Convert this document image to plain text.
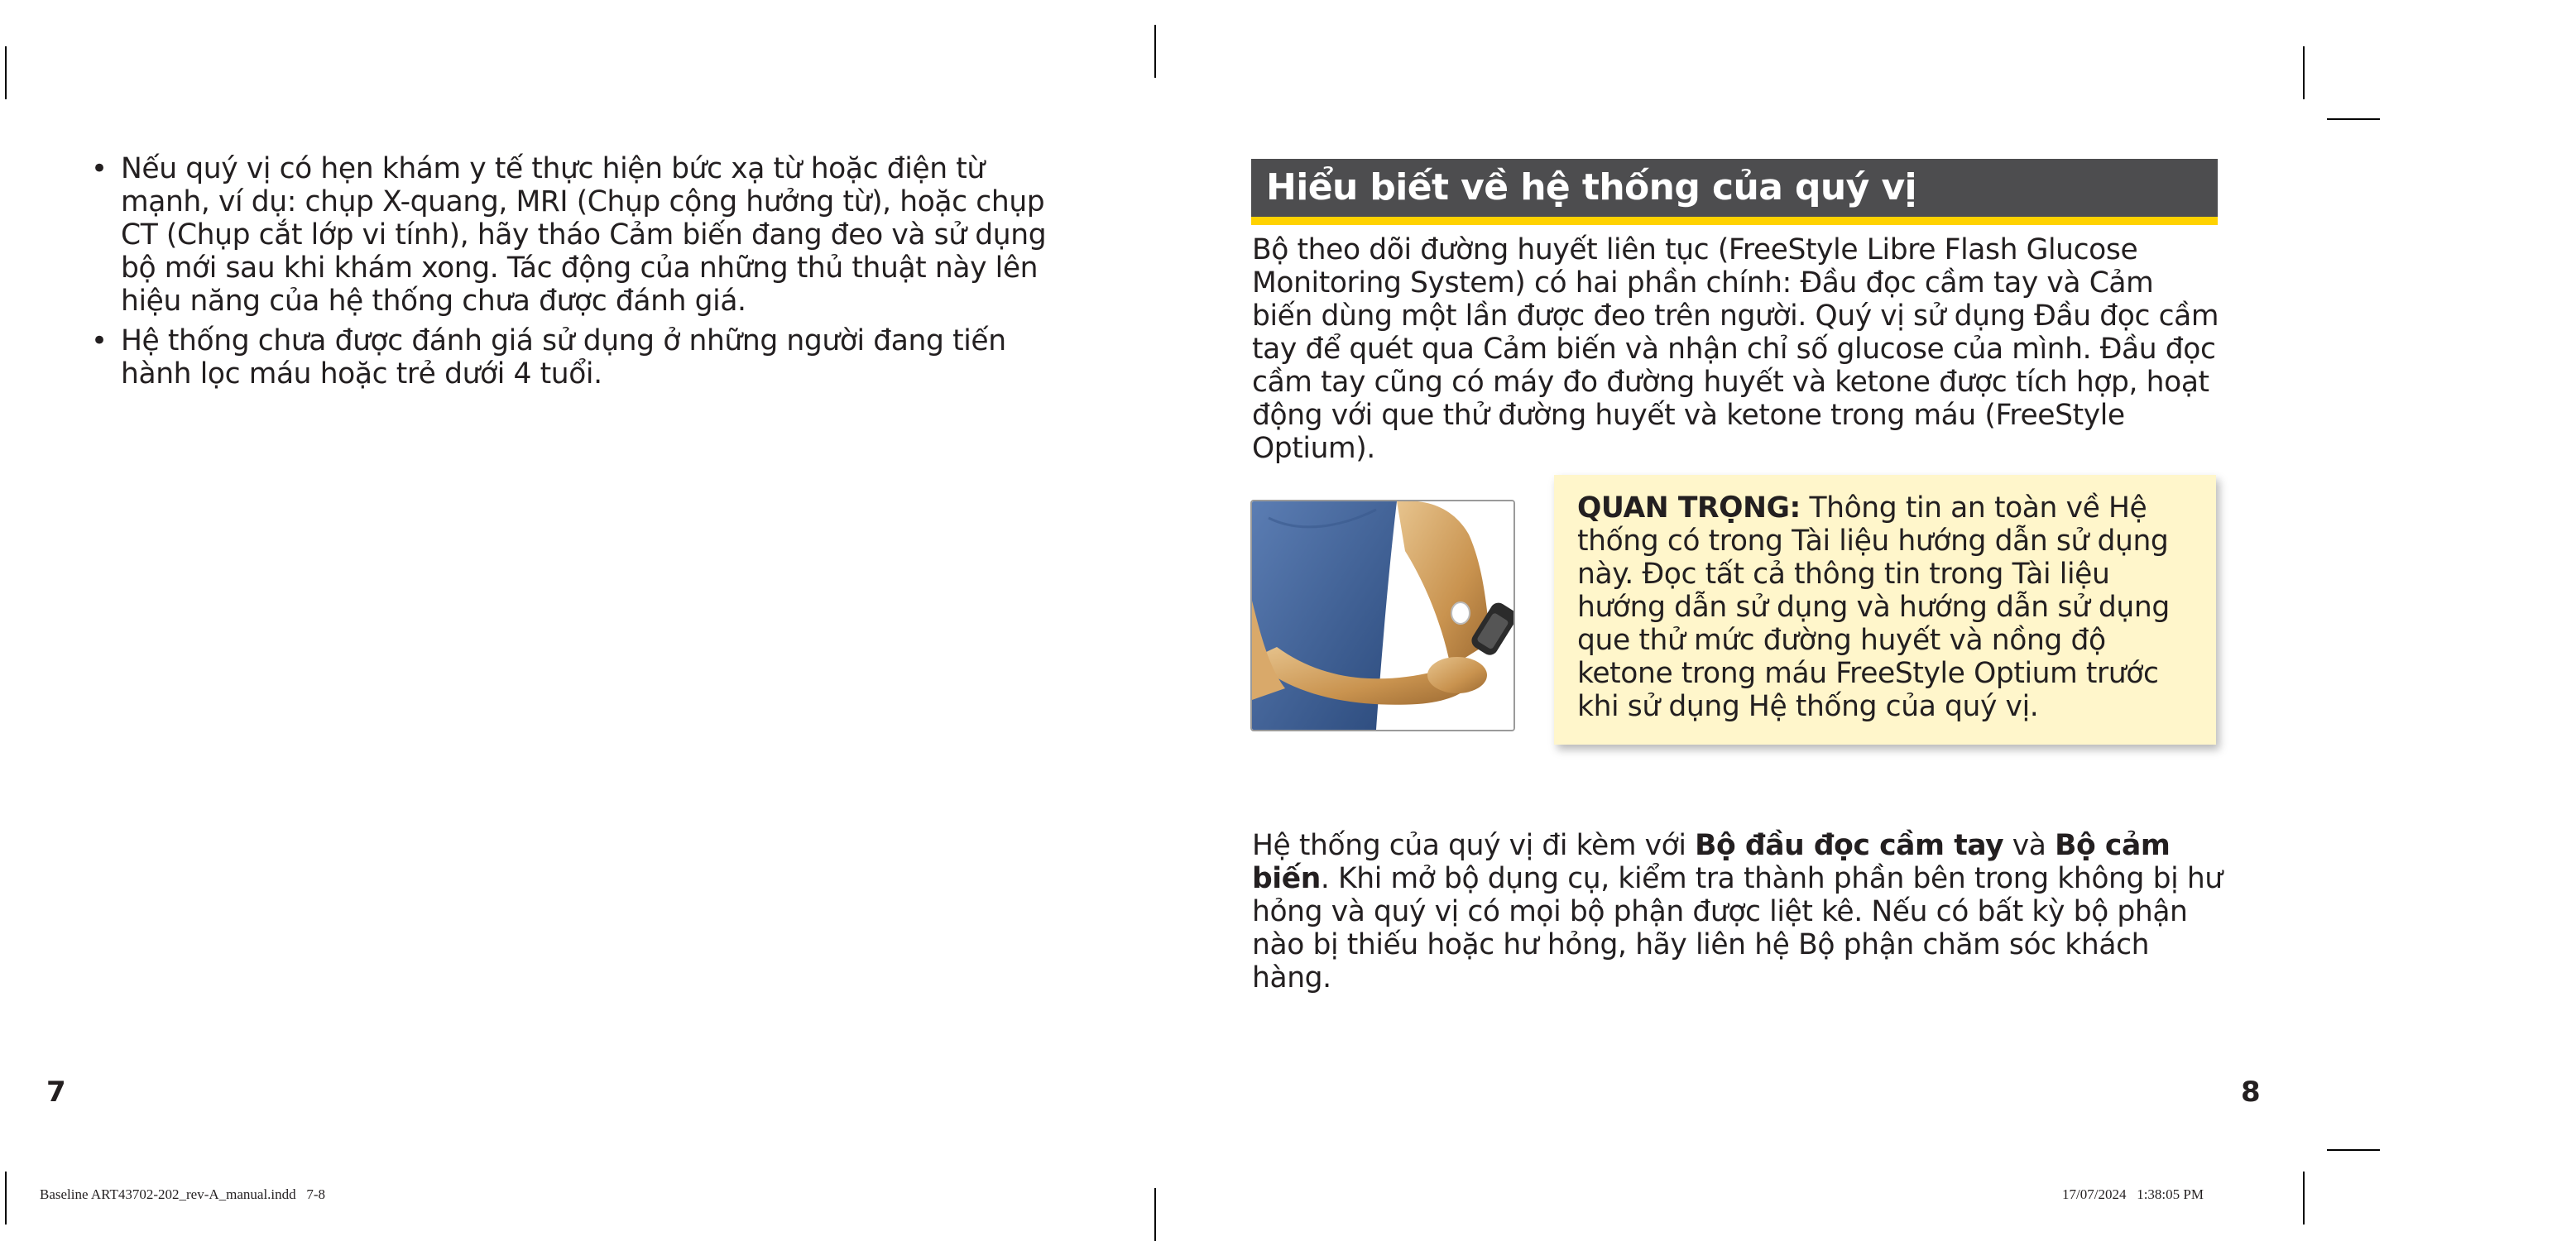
• Nếu quý vị có hẹn khám y tế thực hiện bức xạ từ hoặc điện từ mạnh, ví dụ: chụp X-quang, MRI (Chụp cộng hưởng từ), hoặc chụp CT (Chụp cắt lớp vi tính), hãy tháo Cảm biến đang đeo và sử dụng bộ mới sau khi khám xong. Tác động của những thủ thuật này lên hiệu năng của hệ thống chưa được đánh giá.
• Hệ thống chưa được đánh giá sử dụng ở những người đang tiến hành lọc máu hoặc trẻ dưới 4 tuổi.
7
Hiểu biết về hệ thống của quý vị

Bộ theo dõi đường huyết liên tục (FreeStyle Libre Flash Glucose Monitoring System) có hai phần chính: Đầu đọc cầm tay và Cảm biến dùng một lần được đeo trên người. Quý vị sử dụng Đầu đọc cầm tay để quét qua Cảm biến và nhận chỉ số glucose của mình. Đầu đọc cầm tay cũng có máy đo đường huyết và ketone được tích hợp, hoạt động với que thử đường huyết và ketone trong máu (FreeStyle Optium).

QUAN TRỌNG: Thông tin an toàn về Hệ thống có trong Tài liệu hướng dẫn sử dụng này. Đọc tất cả thông tin trong Tài liệu hướng dẫn sử dụng và hướng dẫn sử dụng que thử mức đường huyết và nồng độ ketone trong máu FreeStyle Optium trước khi sử dụng Hệ thống của quý vị.

Hệ thống của quý vị đi kèm với Bộ đầu đọc cầm tay và Bộ cảm biến. Khi mở bộ dụng cụ, kiểm tra thành phần bên trong không bị hư hỏng và quý vị có mọi bộ phận được liệt kê. Nếu có bất kỳ bộ phận nào bị thiếu hoặc hư hỏng, hãy liên hệ Bộ phận chăm sóc khách hàng.

8
Baseline ART43702-202_rev-A_manual.indd   7-8	17/07/2024   1:38:05 PM
